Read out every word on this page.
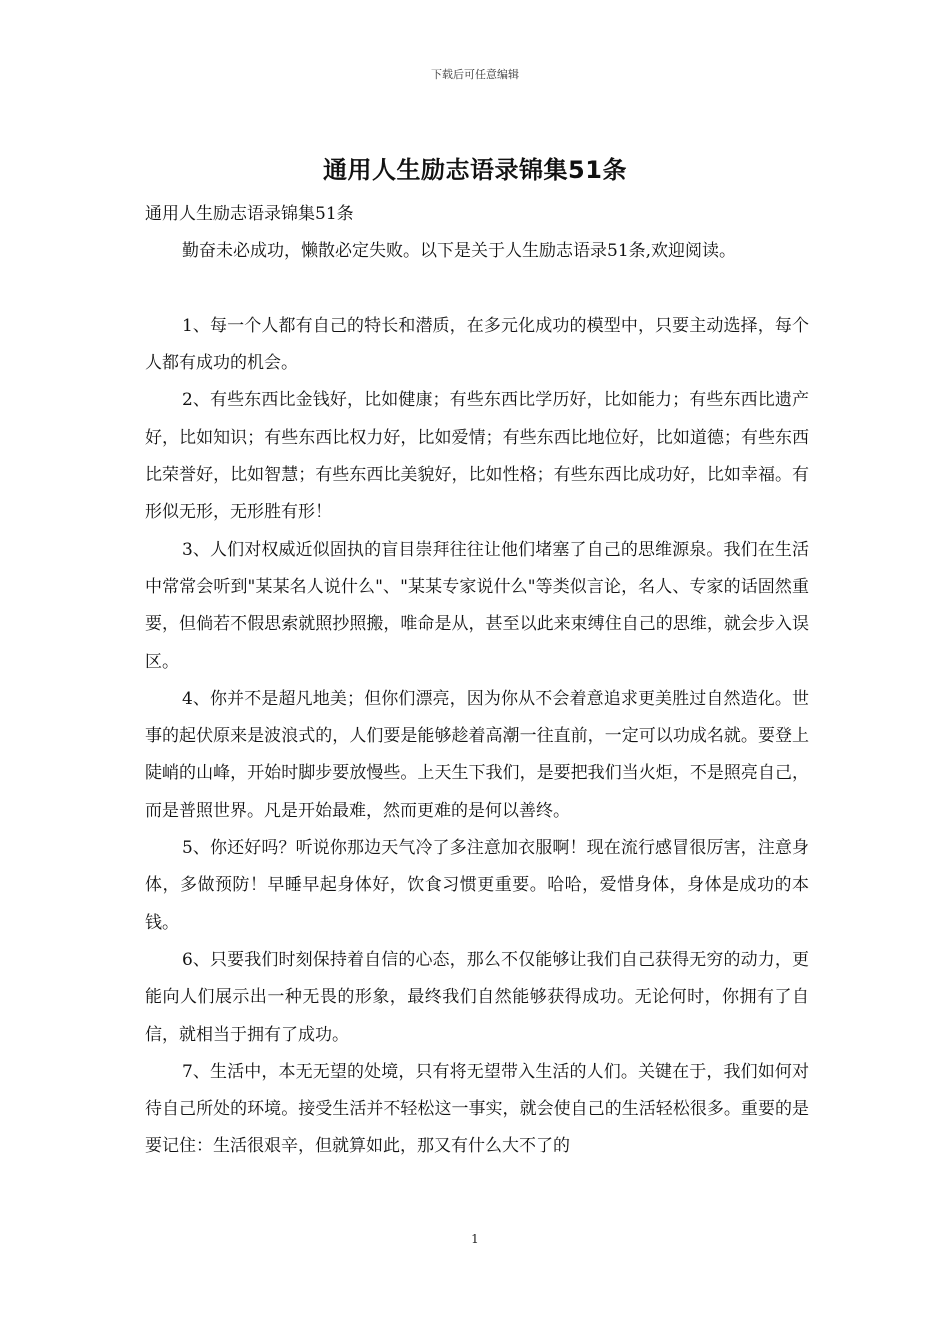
下载后可任意编辑
通用人生励志语录锦集51条

通用人生励志语录锦集51条

勤奋未必成功，懒散必定失败。以下是关于人生励志语录51条,欢迎阅读。

1、每一个人都有自己的特长和潜质，在多元化成功的模型中，只要主动选择，每个人都有成功的机会。

2、有些东西比金钱好，比如健康；有些东西比学历好，比如能力；有些东西比遗产好，比如知识；有些东西比权力好，比如爱情；有些东西比地位好，比如道德；有些东西比荣誉好，比如智慧；有些东西比美貌好，比如性格；有些东西比成功好，比如幸福。有形似无形，无形胜有形！

3、人们对权威近似固执的盲目崇拜往往让他们堵塞了自己的思维源泉。我们在生活中常常会听到"某某名人说什么"、"某某专家说什么"等类似言论，名人、专家的话固然重要，但倘若不假思索就照抄照搬，唯命是从，甚至以此来束缚住自己的思维，就会步入误区。

4、你并不是超凡地美；但你们漂亮，因为你从不会着意追求更美胜过自然造化。世事的起伏原来是波浪式的，人们要是能够趁着高潮一往直前，一定可以功成名就。要登上陡峭的山峰，开始时脚步要放慢些。上天生下我们，是要把我们当火炬，不是照亮自己，而是普照世界。凡是开始最难，然而更难的是何以善终。

5、你还好吗？听说你那边天气冷了多注意加衣服啊！现在流行感冒很厉害，注意身体，多做预防！早睡早起身体好，饮食习惯更重要。哈哈，爱惜身体，身体是成功的本钱。

6、只要我们时刻保持着自信的心态，那么不仅能够让我们自己获得无穷的动力，更能向人们展示出一种无畏的形象，最终我们自然能够获得成功。无论何时，你拥有了自信，就相当于拥有了成功。

7、生活中，本无无望的处境，只有将无望带入生活的人们。关键在于，我们如何对待自己所处的环境。接受生活并不轻松这一事实，就会使自己的生活轻松很多。重要的是要记住：生活很艰辛，但就算如此，那又有什么大不了的

1
